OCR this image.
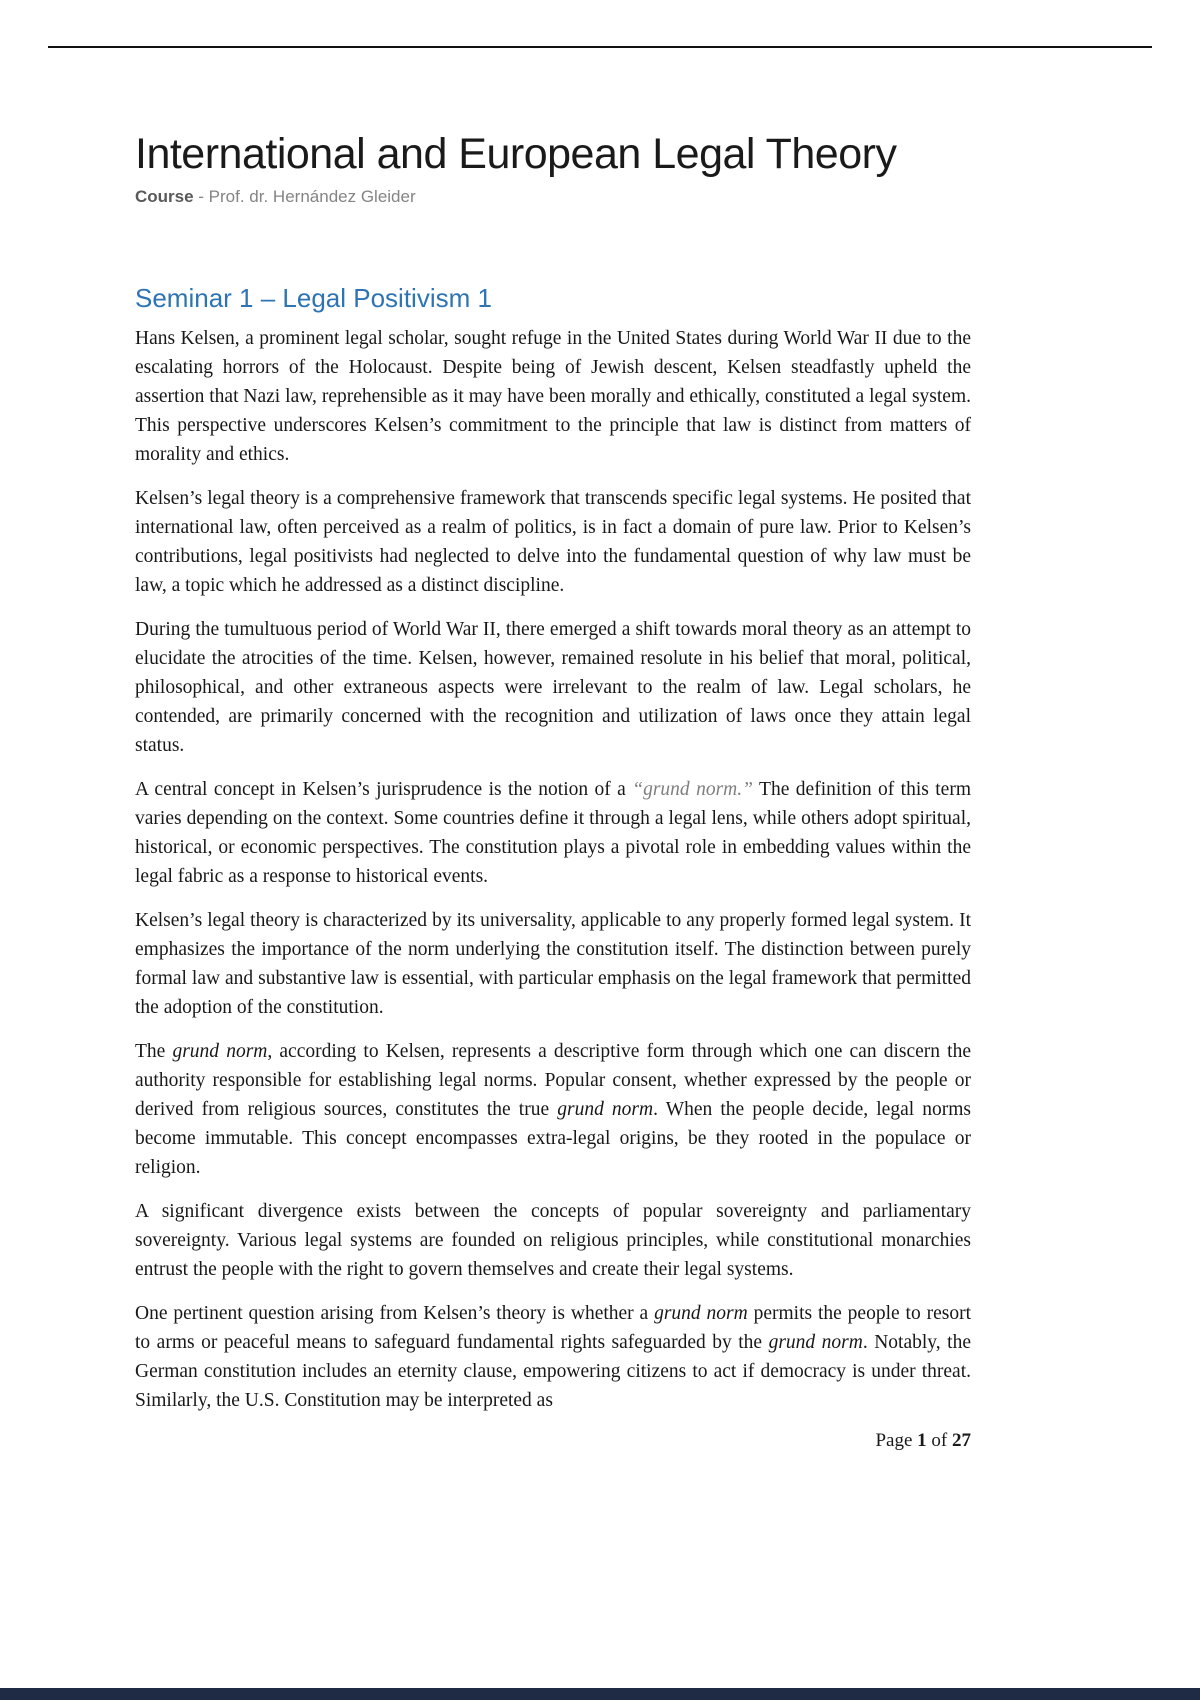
International and European Legal Theory
Course - Prof. dr. Hernández Gleider
Seminar 1 – Legal Positivism 1

Hans Kelsen, a prominent legal scholar, sought refuge in the United States during World War II due to the escalating horrors of the Holocaust. Despite being of Jewish descent, Kelsen steadfastly upheld the assertion that Nazi law, reprehensible as it may have been morally and ethically, constituted a legal system. This perspective underscores Kelsen’s commitment to the principle that law is distinct from matters of morality and ethics.

Kelsen’s legal theory is a comprehensive framework that transcends specific legal systems. He posited that international law, often perceived as a realm of politics, is in fact a domain of pure law. Prior to Kelsen’s contributions, legal positivists had neglected to delve into the fundamental question of why law must be law, a topic which he addressed as a distinct discipline.

During the tumultuous period of World War II, there emerged a shift towards moral theory as an attempt to elucidate the atrocities of the time. Kelsen, however, remained resolute in his belief that moral, political, philosophical, and other extraneous aspects were irrelevant to the realm of law. Legal scholars, he contended, are primarily concerned with the recognition and utilization of laws once they attain legal status.

A central concept in Kelsen’s jurisprudence is the notion of a “grund norm.” The definition of this term varies depending on the context. Some countries define it through a legal lens, while others adopt spiritual, historical, or economic perspectives. The constitution plays a pivotal role in embedding values within the legal fabric as a response to historical events.

Kelsen’s legal theory is characterized by its universality, applicable to any properly formed legal system. It emphasizes the importance of the norm underlying the constitution itself. The distinction between purely formal law and substantive law is essential, with particular emphasis on the legal framework that permitted the adoption of the constitution.

The grund norm, according to Kelsen, represents a descriptive form through which one can discern the authority responsible for establishing legal norms. Popular consent, whether expressed by the people or derived from religious sources, constitutes the true grund norm. When the people decide, legal norms become immutable. This concept encompasses extra-legal origins, be they rooted in the populace or religion.

A significant divergence exists between the concepts of popular sovereignty and parliamentary sovereignty. Various legal systems are founded on religious principles, while constitutional monarchies entrust the people with the right to govern themselves and create their legal systems.

One pertinent question arising from Kelsen’s theory is whether a grund norm permits the people to resort to arms or peaceful means to safeguard fundamental rights safeguarded by the grund norm. Notably, the German constitution includes an eternity clause, empowering citizens to act if democracy is under threat. Similarly, the U.S. Constitution may be interpreted as

Page 1 of 27
